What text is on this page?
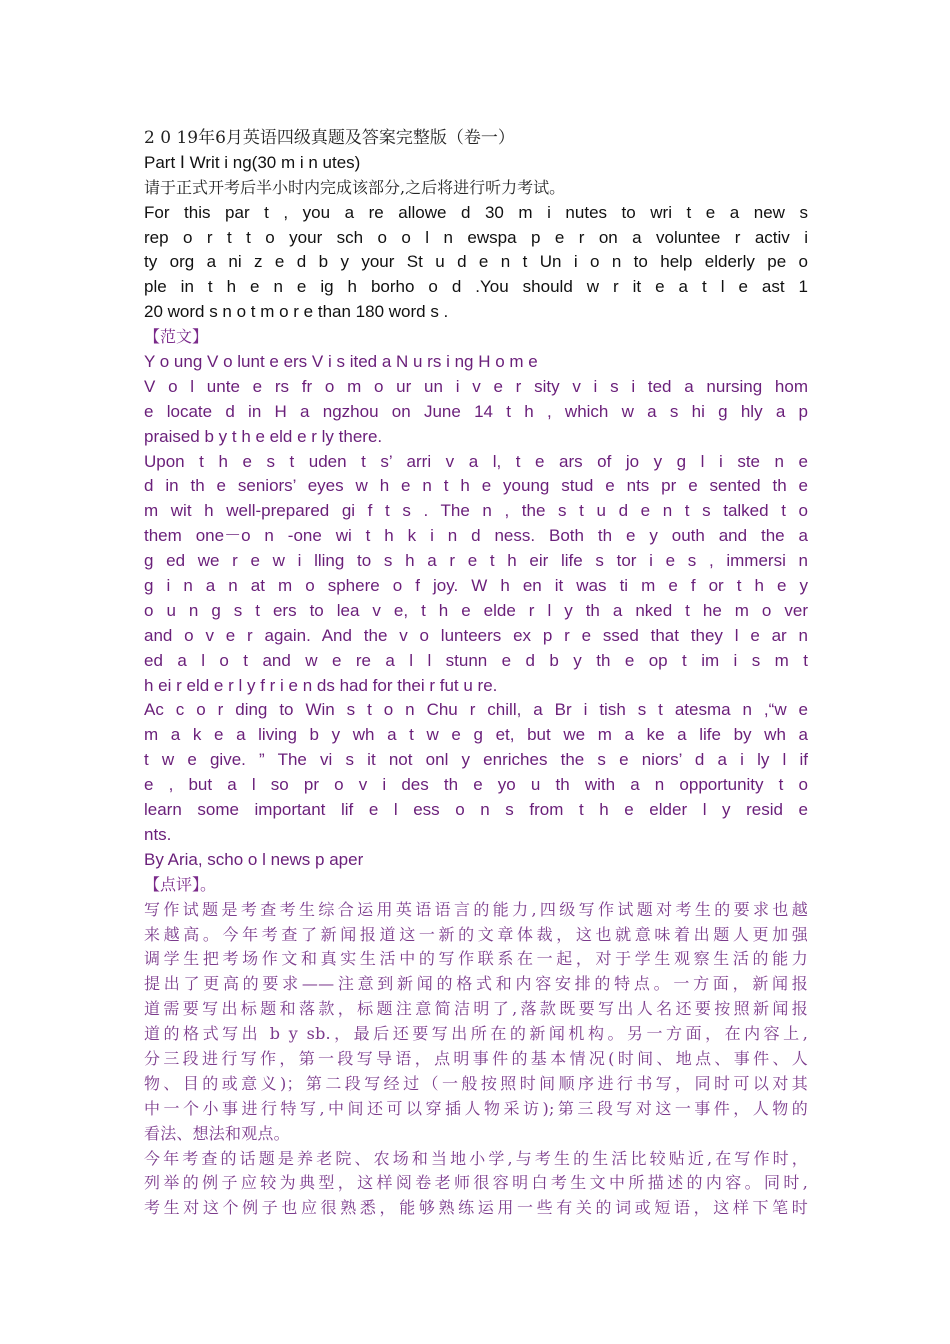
2 0 19年6月英语四级真题及答案完整版（卷一）

Part Ⅰ Writ i ng(30 m i n utes)

请于正式开考后半小时内完成该部分,之后将进行听力考试。

For this par t , you a re allowe d 30 m i nutes to wri t e a new s

rep o r t t o your sch o o l n ewspa p e r on a voluntee r activ i

ty org a ni z e d b y your St u d e n t Un i o n to help elderly pe o

ple in t h e n e ig h borho o d .You should w r it e a t l e ast 1

20 word s n o t m o r e than 180 word s .

【范文】

Y o ung V o lunt e ers V i s ited a N u rs i ng H o m e

V o l unte e rs fr o m o ur un i v e r sity v i s i ted a nursing hom

e locate d in H a ngzhou on June 14 t h , which w a s hi g hly a p

praised b y t h e eld e r ly there.

Upon t h e s t uden t s’ arri v a l, t e ars of jo y g l i ste n e

d in th e seniors’ eyes w h e n t h e young stud e nts pr e sented th e

m wit h well-prepared gi f t s . The n , the s t u d e n t s talked t o

them one－o n -one wi t h k i n d ness. Both th e y outh and the a

g ed we r e w i lling to s h a r e t h eir life s tor i e s , immersi n

g i n a n at m o sphere o f joy. W h en it was ti m e f or t h e y

o u n g s t ers to lea v e, t h e elde r l y th a nked t he m o ver

and o v e r again. And the v o lunteers ex p r e ssed that they l e ar n

ed a l o t and w e re a l l stunn e d b y th e op t im i s m t

h ei r eld e r l y f r i e n ds had for thei r fut u re.

Ac c o r ding to Win s t o n Chu r chill, a Br i tish s t atesma n ,“w e

m a k e a living b y wh a t w e g et, but we m a ke a life by wh a

t w e give. ” The vi s it not onl y enriches the s e niors’ d a i ly l if

e , but a l so pr o v i des th e yo u th with a n opportunity t o

learn some important lif e l ess o n s from t h e elder l y resid e

nts.

By Aria, scho o l news p aper

【点评】。

写作试题是考查考生综合运用英语语言的能力,四级写作试题对考生的要求也越

来越高。今年考查了新闻报道这一新的文章体裁，这也就意味着出题人更加强

调学生把考场作文和真实生活中的写作联系在一起，对于学生观察生活的能力

提出了更高的要求——注意到新闻的格式和内容安排的特点。一方面，新闻报

道需要写出标题和落款，标题注意简洁明了,落款既要写出人名还要按照新闻报

道的格式写出 b y sb.，最后还要写出所在的新闻机构。另一方面，在内容上,

分三段进行写作，第一段写导语，点明事件的基本情况(时间、地点、事件、人

物、目的或意义)；第二段写经过（一般按照时间顺序进行书写，同时可以对其

中一个小事进行特写,中间还可以穿插人物采访);第三段写对这一事件，人物的

看法、想法和观点。

今年考查的话题是养老院、农场和当地小学,与考生的生活比较贴近,在写作时，

列举的例子应较为典型，这样阅卷老师很容明白考生文中所描述的内容。同时,

考生对这个例子也应很熟悉，能够熟练运用一些有关的词或短语，这样下笔时
